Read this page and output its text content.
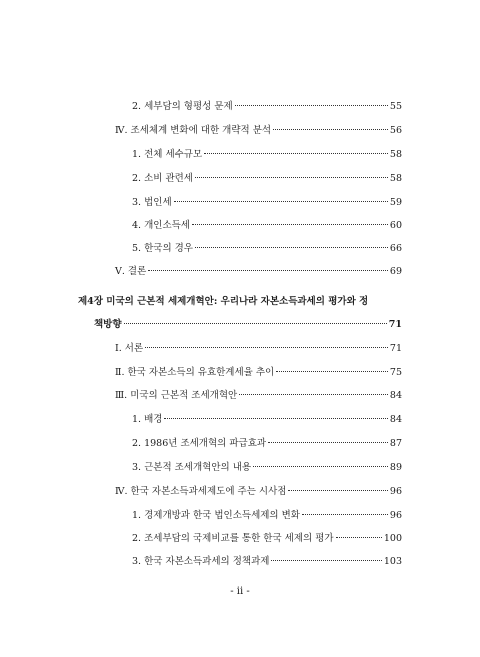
2. 세부담의 형평성 문제	55
Ⅳ. 조세체계 변화에 대한 개략적 분석	56
1. 전체 세수규모	58
2. 소비 관련세	58
3. 법인세	59
4. 개인소득세	60
5. 한국의 경우	66
Ⅴ. 결론	69
제4장 미국의 근본적 세제개혁안: 우리나라 자본소득과세의 평가와 정
책방향	71
I. 서론	71
Ⅱ. 한국 자본소득의 유효한계세율 추이	75
Ⅲ. 미국의 근본적 조세개혁안	84
1. 배경	84
2. 1986년 조세개혁의 파급효과	87
3. 근본적 조세개혁안의 내용	89
Ⅳ. 한국 자본소득과세제도에 주는 시사점	96
1. 경제개방과 한국 법인소득세제의 변화	96
2. 조세부담의 국제비교를 통한 한국 세제의 평가	100
3. 한국 자본소득과세의 정책과제	103
- ii -
